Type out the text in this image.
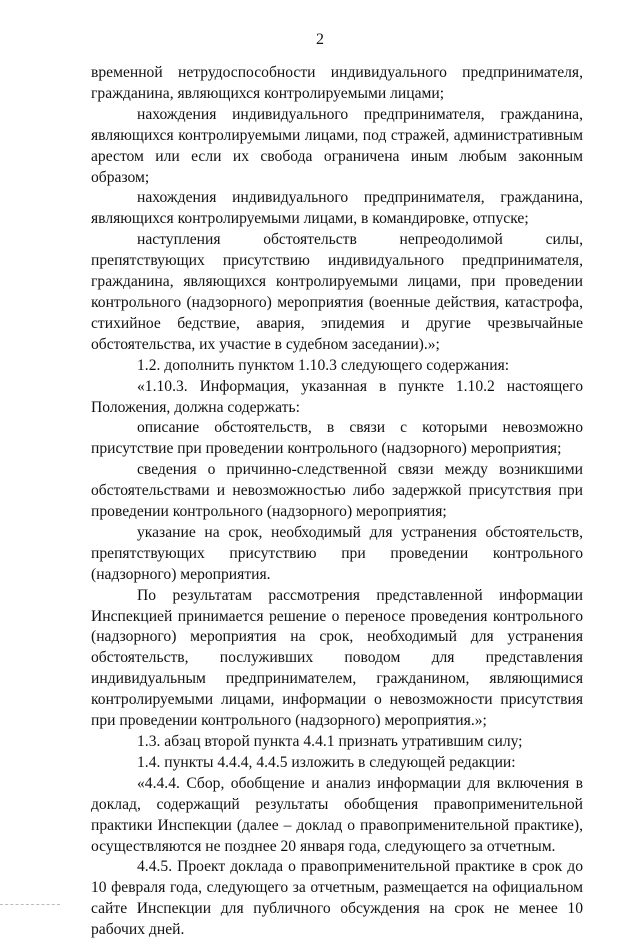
2

временной нетрудоспособности индивидуального предпринимателя, гражданина, являющихся контролируемыми лицами;

нахождения индивидуального предпринимателя, гражданина, являющихся контролируемыми лицами, под стражей, административным арестом или если их свобода ограничена иным любым законным образом;

нахождения индивидуального предпринимателя, гражданина, являющихся контролируемыми лицами, в командировке, отпуске;

наступления обстоятельств непреодолимой силы, препятствующих присутствию индивидуального предпринимателя, гражданина, являющихся контролируемыми лицами, при проведении контрольного (надзорного) мероприятия (военные действия, катастрофа, стихийное бедствие, авария, эпидемия и другие чрезвычайные обстоятельства, их участие в судебном заседании).»;

1.2. дополнить пунктом 1.10.3 следующего содержания:

«1.10.3. Информация, указанная в пункте 1.10.2 настоящего Положения, должна содержать:

описание обстоятельств, в связи с которыми невозможно присутствие при проведении контрольного (надзорного) мероприятия;

сведения о причинно-следственной связи между возникшими обстоятельствами и невозможностью либо задержкой присутствия при проведении контрольного (надзорного) мероприятия;

указание на срок, необходимый для устранения обстоятельств, препятствующих присутствию при проведении контрольного (надзорного) мероприятия.

По результатам рассмотрения представленной информации Инспекцией принимается решение о переносе проведения контрольного (надзорного) мероприятия на срок, необходимый для устранения обстоятельств, послуживших поводом для представления индивидуальным предпринимателем, гражданином, являющимися контролируемыми лицами, информации о невозможности присутствия при проведении контрольного (надзорного) мероприятия.»;

1.3. абзац второй пункта 4.4.1 признать утратившим силу;

1.4. пункты 4.4.4, 4.4.5 изложить в следующей редакции:

«4.4.4. Сбор, обобщение и анализ информации для включения в доклад, содержащий результаты обобщения правоприменительной практики Инспекции (далее – доклад о правоприменительной практике), осуществляются не позднее 20 января года, следующего за отчетным.

4.4.5. Проект доклада о правоприменительной практике в срок до 10 февраля года, следующего за отчетным, размещается на официальном сайте Инспекции для публичного обсуждения на срок не менее 10 рабочих дней.
